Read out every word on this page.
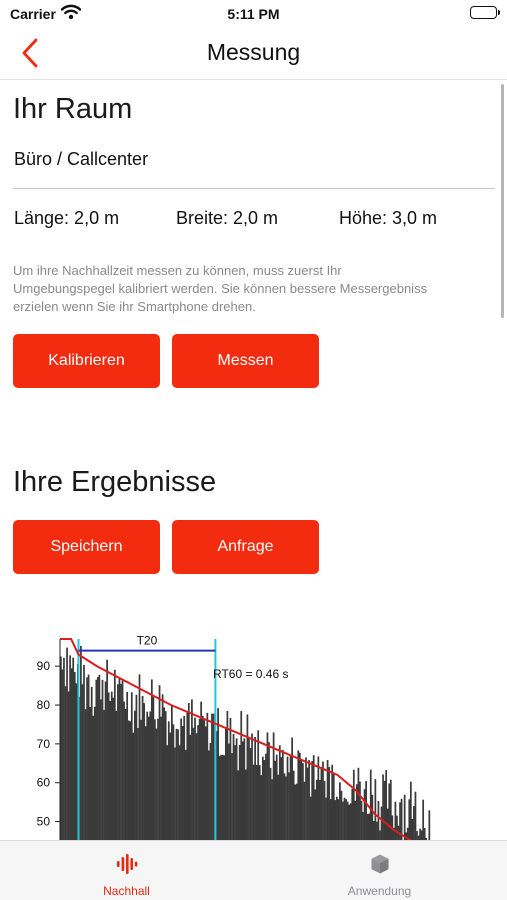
Carrier	5:11 PM
Messung
Ihr Raum
Büro / Callcenter
Länge: 2,0 m	Breite: 2,0 m	Höhe: 3,0 m
Um ihre Nachhallzeit messen zu können, muss zuerst Ihr Umgebungspegel kalibriert werden. Sie können bessere Messergebniss erzielen wenn Sie ihr Smartphone drehen.
Kalibrieren	Messen
Ihre Ergebnisse
Speichern	Anfrage
50
60
70
80
90
T20
RT60 = 0.46 s
Nachhall	Anwendung
